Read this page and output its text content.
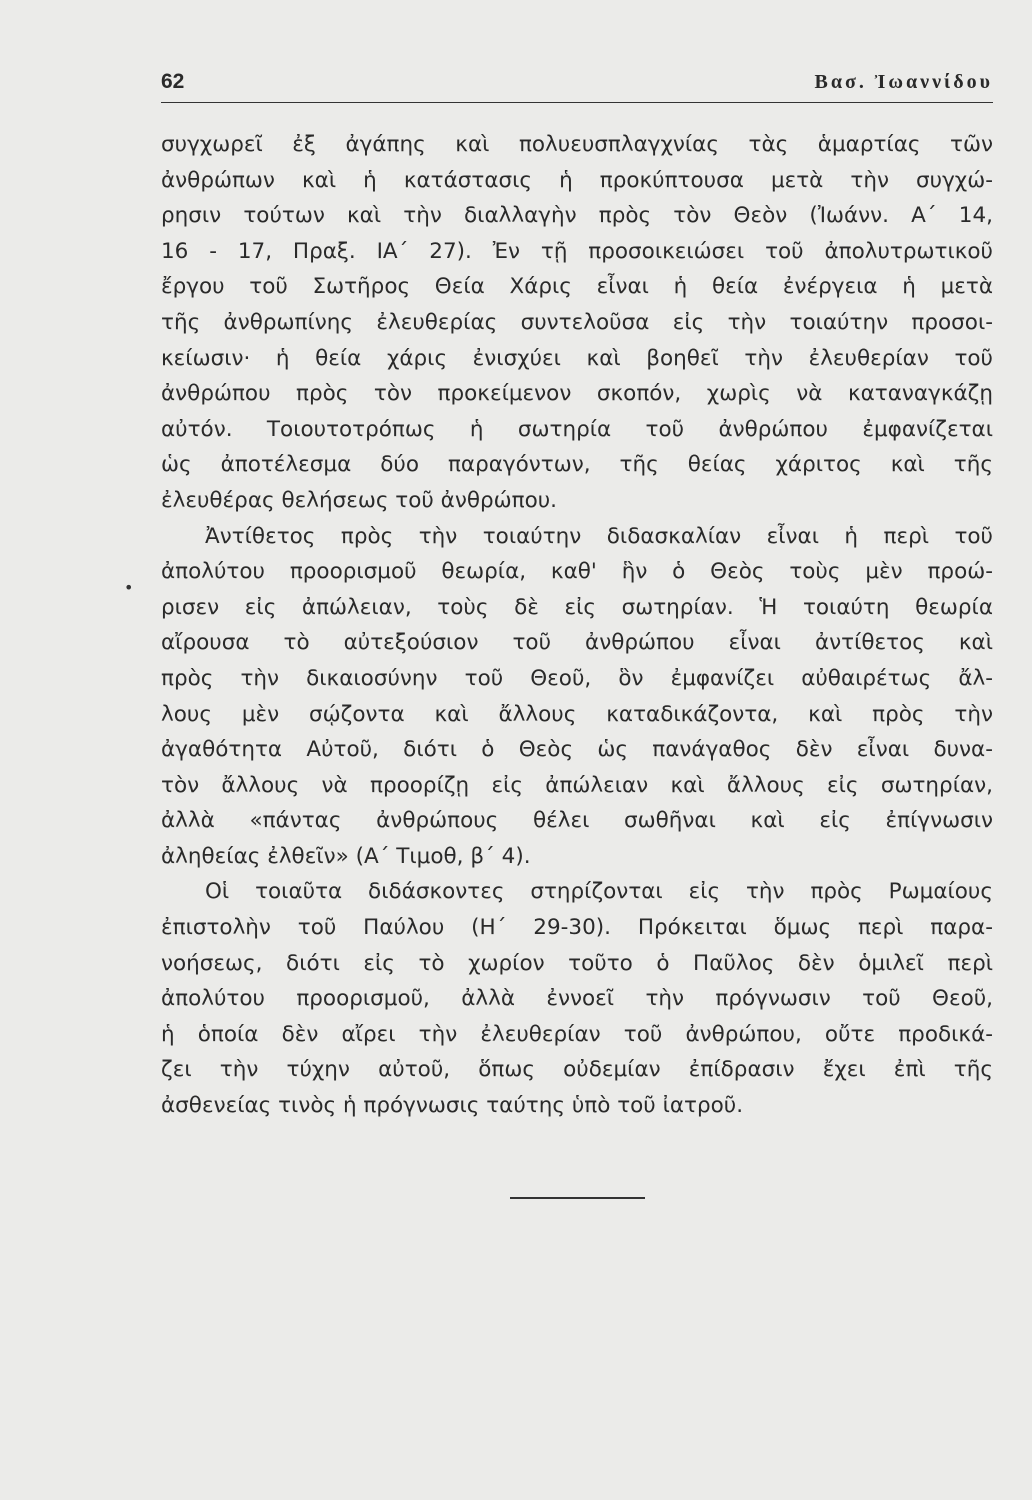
62	Βασ. Ἰωαννίδου
•
συγχωρεῖ ἐξ ἀγάπης καὶ πολυευσπλαγχνίας τὰς ἁμαρτίας τῶν
ἀνθρώπων καὶ ἡ κατάστασις ἡ προκύπτουσα μετὰ τὴν συγχώ-
ρησιν τούτων καὶ τὴν διαλλαγὴν πρὸς τὸν Θεὸν (Ἰωάνν. Α΄ 14,
16 - 17, Πραξ. ΙΑ΄ 27). Ἐν τῇ προσοικειώσει τοῦ ἀπολυτρωτικοῦ
ἔργου τοῦ Σωτῆρος Θεία Χάρις εἶναι ἡ θεία ἐνέργεια ἡ μετὰ
τῆς ἀνθρωπίνης ἐλευθερίας συντελοῦσα εἰς τὴν τοιαύτην προσοι-
κείωσιν· ἡ θεία χάρις ἐνισχύει καὶ βοηθεῖ τὴν ἐλευθερίαν τοῦ
ἀνθρώπου πρὸς τὸν προκείμενον σκοπόν, χωρὶς νὰ καταναγκάζῃ
αὐτόν. Τοιουτοτρόπως ἡ σωτηρία τοῦ ἀνθρώπου ἐμφανίζεται
ὡς ἀποτέλεσμα δύο παραγόντων, τῆς θείας χάριτος καὶ τῆς
ἐλευθέρας θελήσεως τοῦ ἀνθρώπου.
Ἀντίθετος πρὸς τὴν τοιαύτην διδασκαλίαν εἶναι ἡ περὶ τοῦ
ἀπολύτου προορισμοῦ θεωρία, καθ' ἣν ὁ Θεὸς τοὺς μὲν προώ-
ρισεν εἰς ἀπώλειαν, τοὺς δὲ εἰς σωτηρίαν. Ἡ τοιαύτη θεωρία
αἴρουσα τὸ αὐτεξούσιον τοῦ ἀνθρώπου εἶναι ἀντίθετος καὶ
πρὸς τὴν δικαιοσύνην τοῦ Θεοῦ, ὃν ἐμφανίζει αὐθαιρέτως ἄλ-
λους μὲν σῴζοντα καὶ ἄλλους καταδικάζοντα, καὶ πρὸς τὴν
ἀγαθότητα Αὐτοῦ, διότι ὁ Θεὸς ὡς πανάγαθος δὲν εἶναι δυνα-
τὸν ἄλλους νὰ προορίζῃ εἰς ἀπώλειαν καὶ ἄλλους εἰς σωτηρίαν,
ἀλλὰ «πάντας ἀνθρώπους θέλει σωθῆναι καὶ εἰς ἐπίγνωσιν
ἀληθείας ἐλθεῖν» (Α΄ Τιμοθ, β΄ 4).
Οἱ τοιαῦτα διδάσκοντες στηρίζονται εἰς τὴν πρὸς Ρωμαίους
ἐπιστολὴν τοῦ Παύλου (Η΄ 29-30). Πρόκειται ὅμως περὶ παρα-
νοήσεως, διότι εἰς τὸ χωρίον τοῦτο ὁ Παῦλος δὲν ὁμιλεῖ περὶ
ἀπολύτου προορισμοῦ, ἀλλὰ ἐννοεῖ τὴν πρόγνωσιν τοῦ Θεοῦ,
ἡ ὁποία δὲν αἴρει τὴν ἐλευθερίαν τοῦ ἀνθρώπου, οὔτε προδικά-
ζει τὴν τύχην αὐτοῦ, ὅπως οὐδεμίαν ἐπίδρασιν ἔχει ἐπὶ τῆς
ἀσθενείας τινὸς ἡ πρόγνωσις ταύτης ὑπὸ τοῦ ἰατροῦ.
